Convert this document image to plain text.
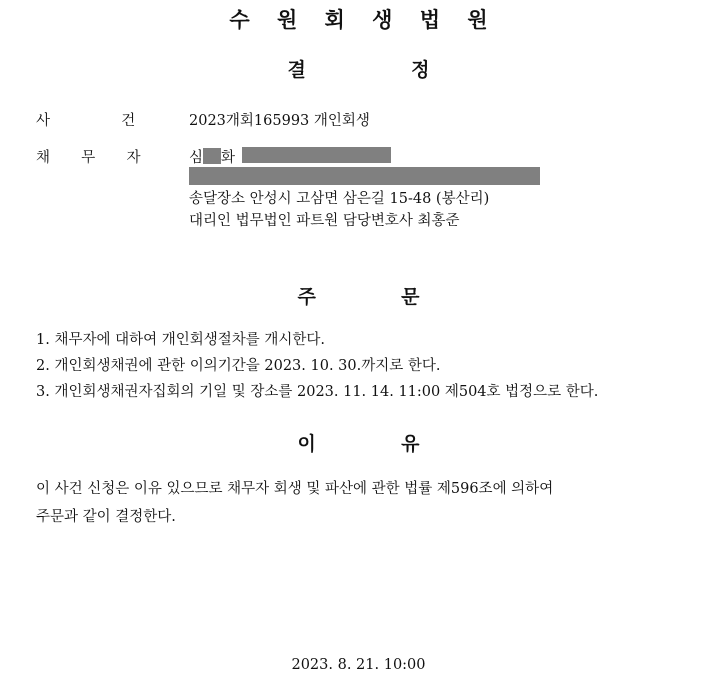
수 원 회 생 법 원
결	정
사	건	2023개회165993 개인회생
채 무 자	심 화
송달장소 안성시 고삼면 삼은길 15-48 (봉산리)
대리인 법무법인 파트원 담당변호사 최홍준
주	문
1. 채무자에 대하여 개인회생절차를 개시한다.
2. 개인회생채권에 관한 이의기간을 2023. 10. 30.까지로 한다.
3. 개인회생채권자집회의 기일 및 장소를 2023. 11. 14. 11:00 제504호 법정으로 한다.
이	유
이 사건 신청은 이유 있으므로 채무자 회생 및 파산에 관한 법률 제596조에 의하여
주문과 같이 결정한다.
2023. 8. 21. 10:00
